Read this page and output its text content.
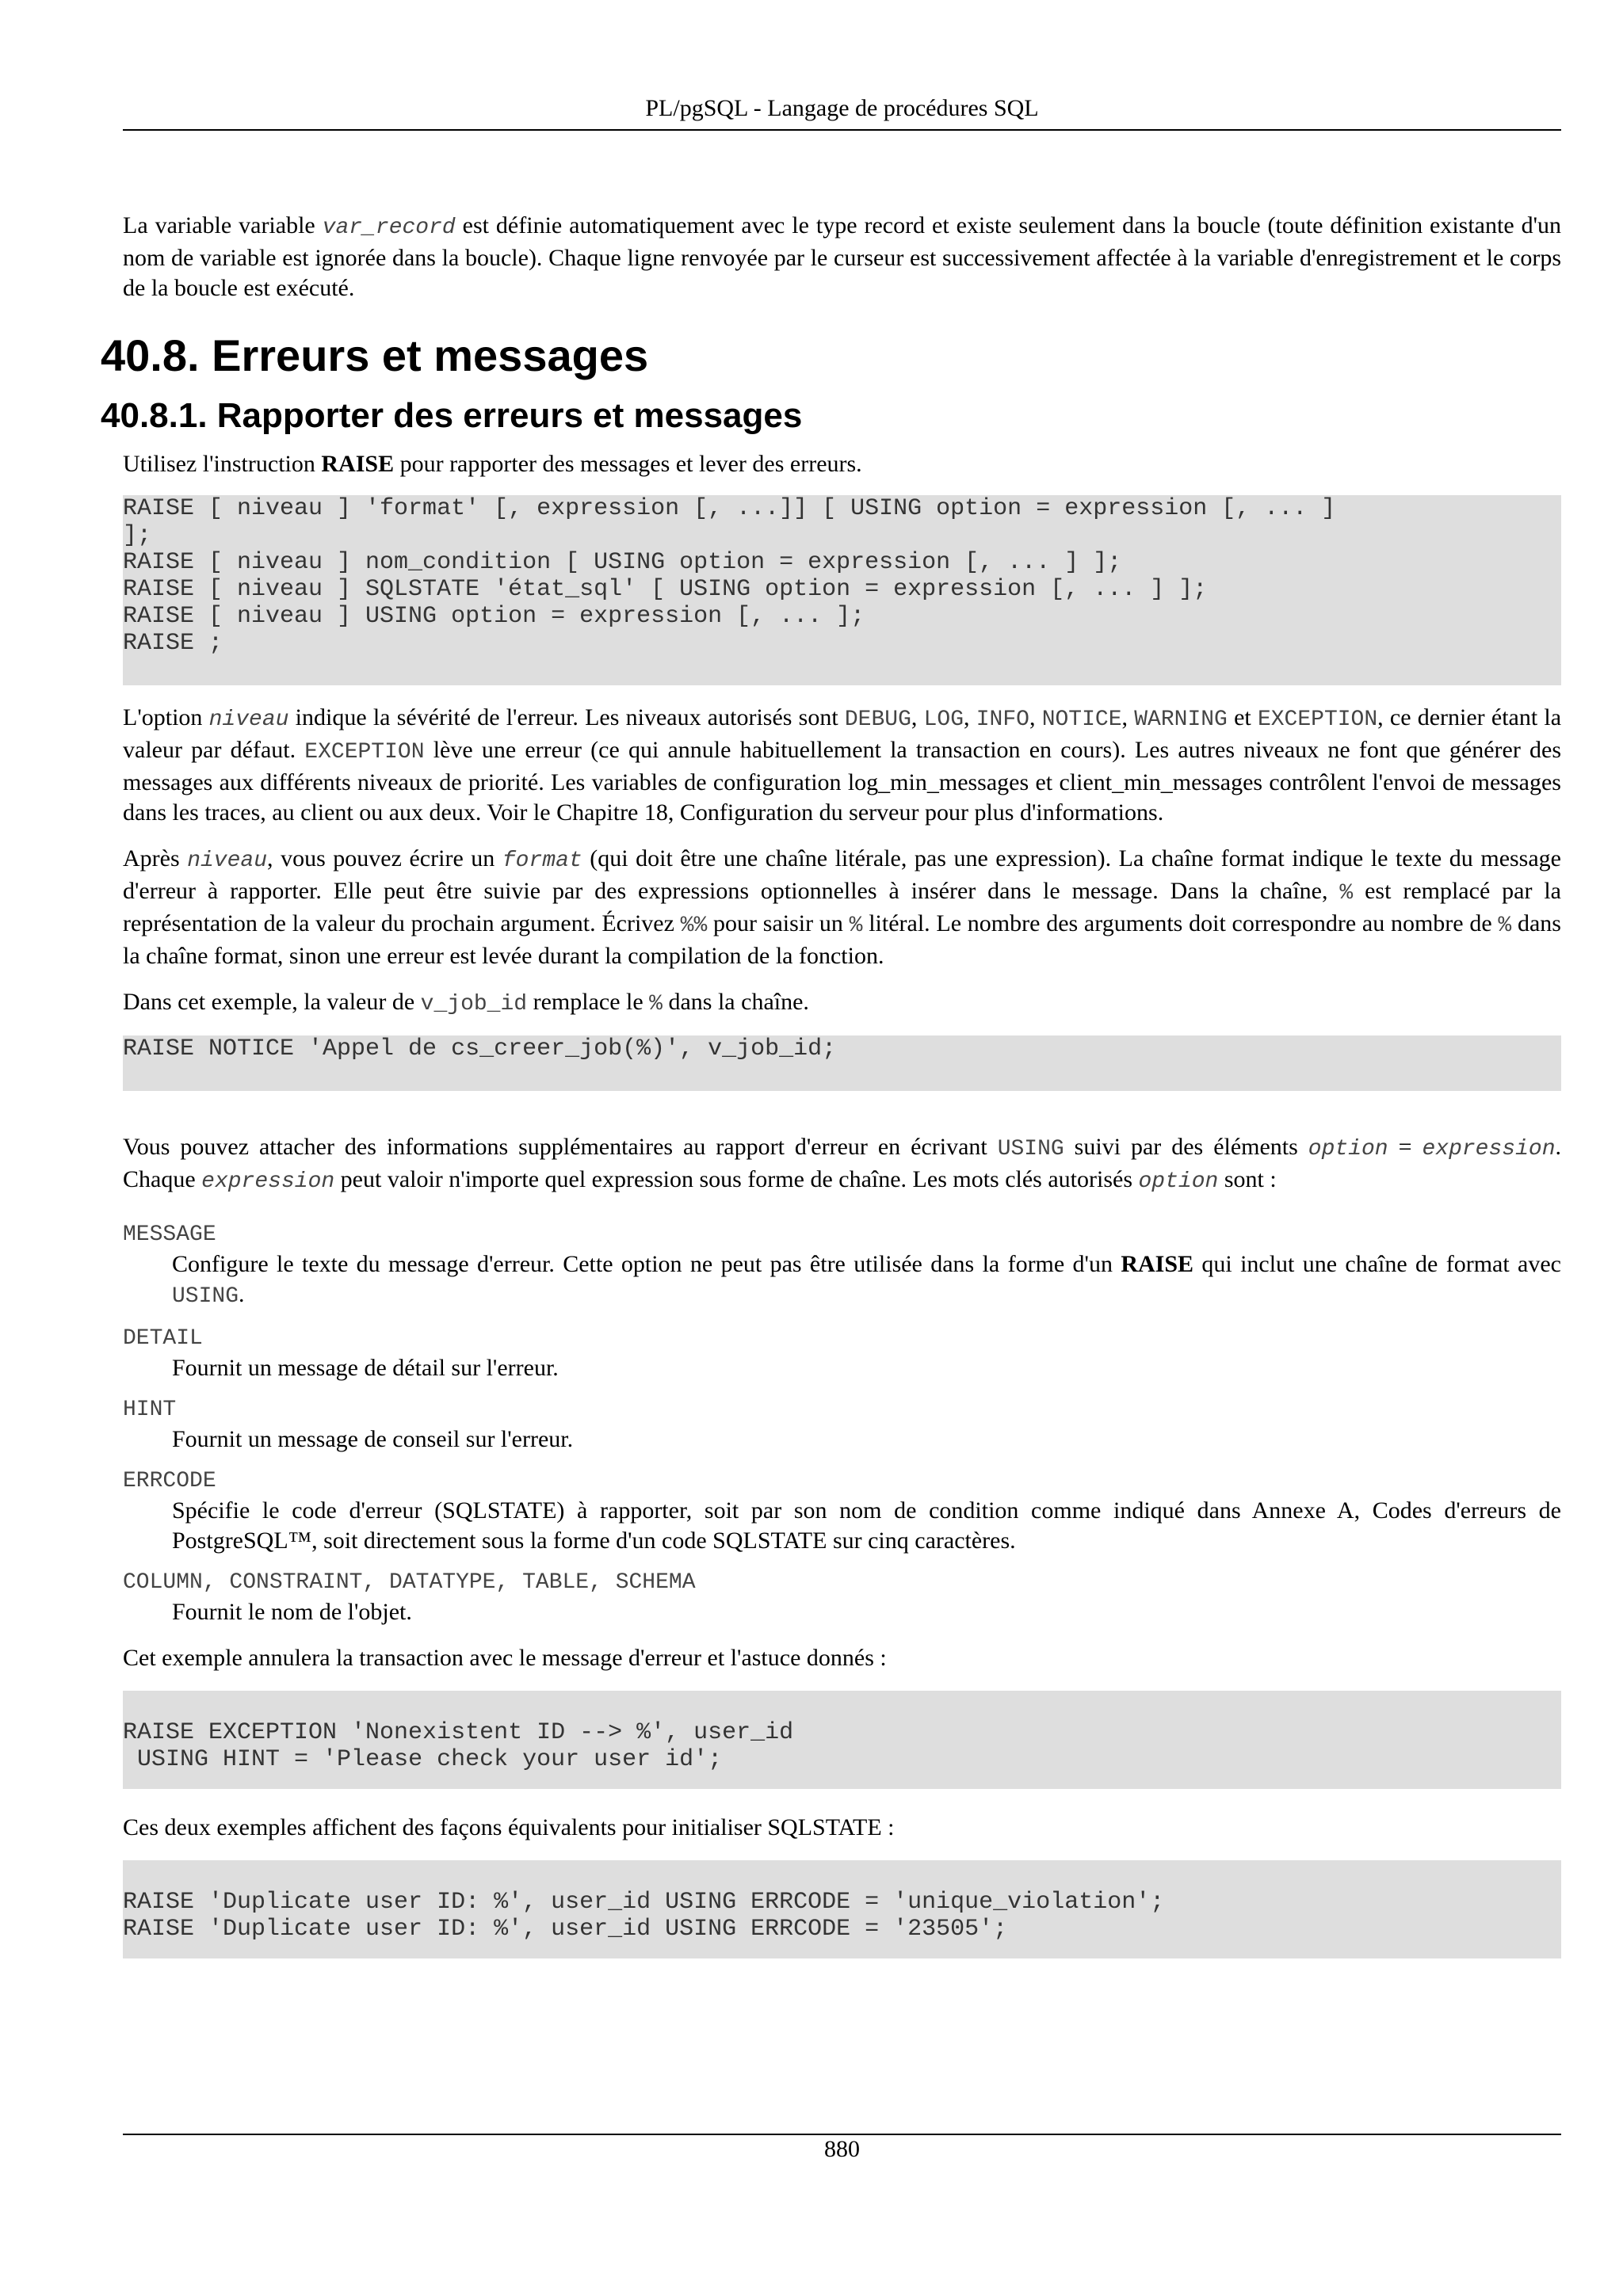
PL/pgSQL - Langage de procédures SQL

La variable variable var_record est définie automatiquement avec le type record et existe seulement dans la boucle (toute définition existante d'un nom de variable est ignorée dans la boucle). Chaque ligne renvoyée par le curseur est successivement affectée à la variable d'enregistrement et le corps de la boucle est exécuté.

40.8. Erreurs et messages
40.8.1. Rapporter des erreurs et messages

Utilisez l'instruction RAISE pour rapporter des messages et lever des erreurs.

RAISE [ niveau ] 'format' [, expression [, ...]] [ USING option = expression [, ... ]
];
RAISE [ niveau ] nom_condition [ USING option = expression [, ... ] ];
RAISE [ niveau ] SQLSTATE 'état_sql' [ USING option = expression [, ... ] ];
RAISE [ niveau ] USING option = expression [, ... ];
RAISE ;

L'option niveau indique la sévérité de l'erreur. Les niveaux autorisés sont DEBUG, LOG, INFO, NOTICE, WARNING et EXCEPTION, ce dernier étant la valeur par défaut. EXCEPTION lève une erreur (ce qui annule habituellement la transaction en cours). Les autres niveaux ne font que générer des messages aux différents niveaux de priorité. Les variables de configuration log_min_messages et client_min_messages contrôlent l'envoi de messages dans les traces, au client ou aux deux. Voir le Chapitre 18, Configuration du serveur pour plus d'informations.

Après niveau, vous pouvez écrire un format (qui doit être une chaîne litérale, pas une expression). La chaîne format indique le texte du message d'erreur à rapporter. Elle peut être suivie par des expressions optionnelles à insérer dans le message. Dans la chaîne, % est remplacé par la représentation de la valeur du prochain argument. Écrivez %% pour saisir un % litéral. Le nombre des arguments doit correspondre au nombre de % dans la chaîne format, sinon une erreur est levée durant la compilation de la fonction.

Dans cet exemple, la valeur de v_job_id remplace le % dans la chaîne.

RAISE NOTICE 'Appel de cs_creer_job(%)', v_job_id;

Vous pouvez attacher des informations supplémentaires au rapport d'erreur en écrivant USING suivi par des éléments option = expression. Chaque expression peut valoir n'importe quel expression sous forme de chaîne. Les mots clés autorisés option sont :

MESSAGE
Configure le texte du message d'erreur. Cette option ne peut pas être utilisée dans la forme d'un RAISE qui inclut une chaîne de format avec USING.
DETAIL
Fournit un message de détail sur l'erreur.
HINT
Fournit un message de conseil sur l'erreur.
ERRCODE
Spécifie le code d'erreur (SQLSTATE) à rapporter, soit par son nom de condition comme indiqué dans Annexe A, Codes d'erreurs de PostgreSQL™, soit directement sous la forme d'un code SQLSTATE sur cinq caractères.
COLUMN, CONSTRAINT, DATATYPE, TABLE, SCHEMA
Fournit le nom de l'objet.

Cet exemple annulera la transaction avec le message d'erreur et l'astuce donnés :

RAISE EXCEPTION 'Nonexistent ID --> %', user_id
USING HINT = 'Please check your user id';

Ces deux exemples affichent des façons équivalents pour initialiser SQLSTATE :

RAISE 'Duplicate user ID: %', user_id USING ERRCODE = 'unique_violation';
RAISE 'Duplicate user ID: %', user_id USING ERRCODE = '23505';
880
